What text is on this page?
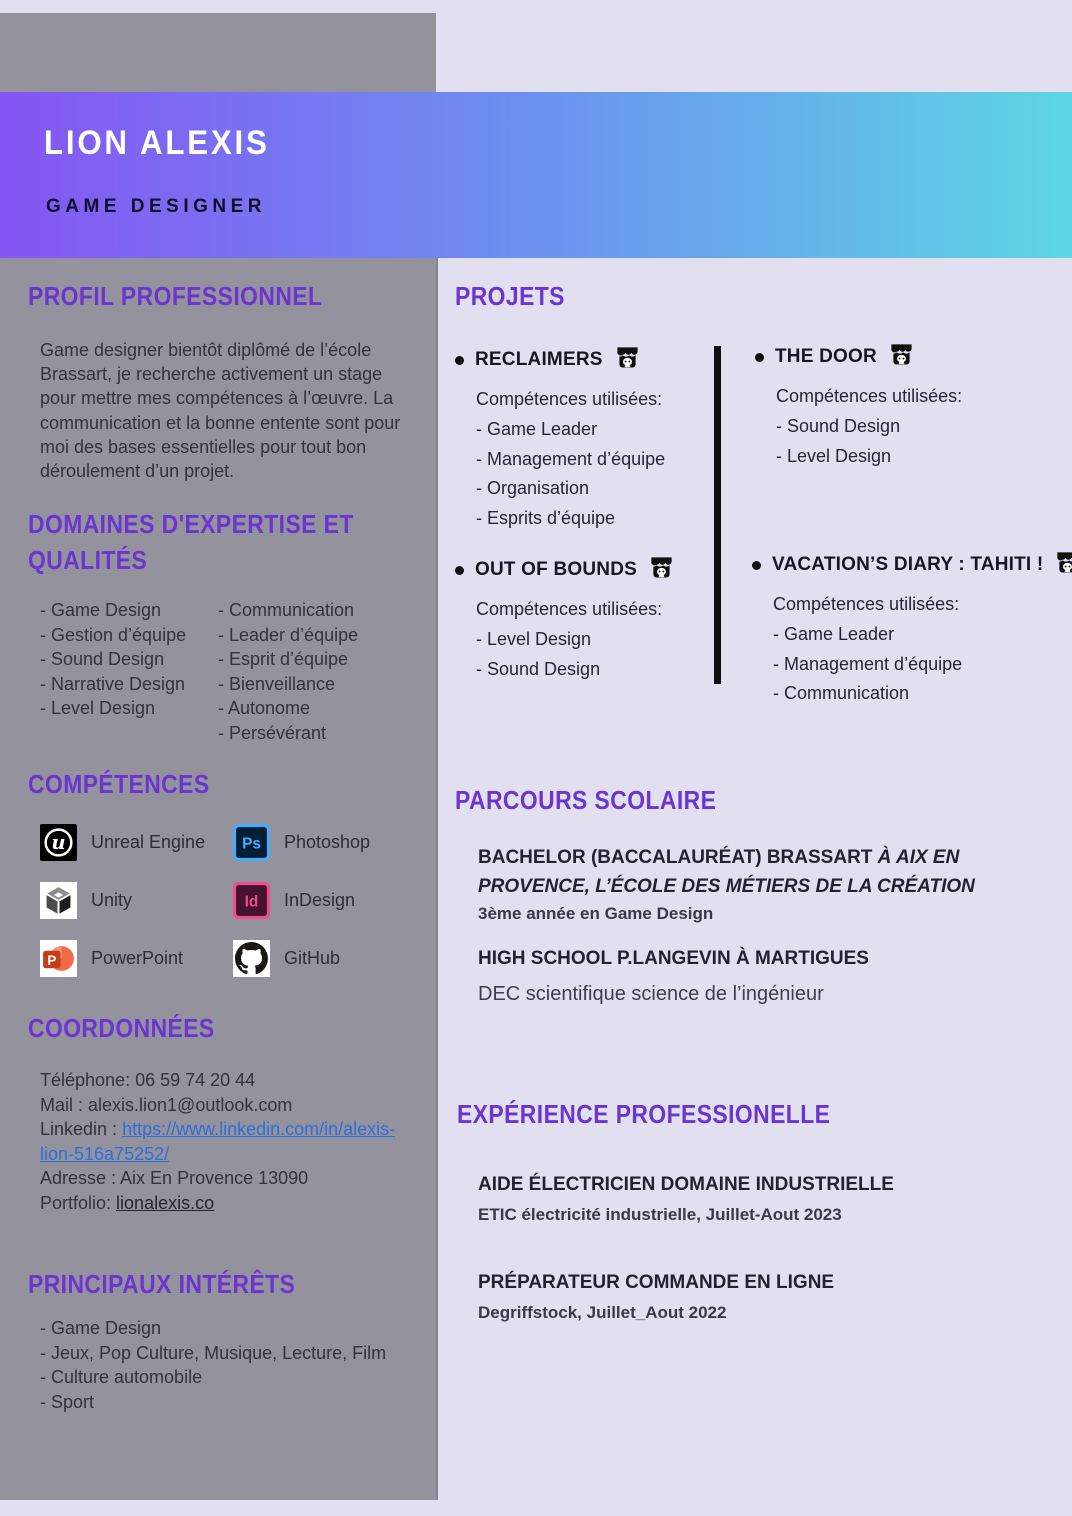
LION ALEXIS
GAME DESIGNER
PROFIL PROFESSIONNEL
Game designer bientôt diplômé de l’école Brassart, je recherche activement un stage pour mettre mes compétences à l’œuvre. La communication et la bonne entente sont pour moi des bases essentielles pour tout bon déroulement d’un projet.
DOMAINES D'EXPERTISE ET QUALITÉS
- Game Design
- Gestion d’équipe
- Sound Design
- Narrative Design
- Level Design
- Communication
- Leader d’équipe
- Esprit d’équipe
- Bienveillance
- Autonome
- Persévérant
COMPÉTENCES
u Unreal Engine Ps Photoshop
Unity	Id InDesign
P PowerPoint	GitHub
COORDONNÉES
Téléphone: 06 59 74 20 44
Mail : alexis.lion1@outlook.com
Linkedin : https://www.linkedin.com/in/alexis-lion-516a75252/
Adresse : Aix En Provence 13090
Portfolio: lionalexis.co
PRINCIPAUX INTÉRÊTS
- Game Design
- Jeux, Pop Culture, Musique, Lecture, Film
- Culture automobile
- Sport
PROJETS
RECLAIMERS
Compétences utilisées:
- Game Leader
- Management d’équipe
- Organisation
- Esprits d’équipe
THE DOOR
Compétences utilisées:
- Sound Design
- Level Design
OUT OF BOUNDS
Compétences utilisées:
- Level Design
- Sound Design
VACATION’S DIARY : TAHITI !
Compétences utilisées:
- Game Leader
- Management d’équipe
- Communication
PARCOURS SCOLAIRE
BACHELOR (BACCALAURÉAT) BRASSART À AIX EN PROVENCE, L’ÉCOLE DES MÉTIERS DE LA CRÉATION
3ème année en Game Design
HIGH SCHOOL P.LANGEVIN À MARTIGUES
DEC scientifique science de l’ingénieur
EXPÉRIENCE PROFESSIONELLE
AIDE ÉLECTRICIEN DOMAINE INDUSTRIELLE
ETIC électricité industrielle, Juillet-Aout 2023
PRÉPARATEUR COMMANDE EN LIGNE
Degriffstock, Juillet_Aout 2022
